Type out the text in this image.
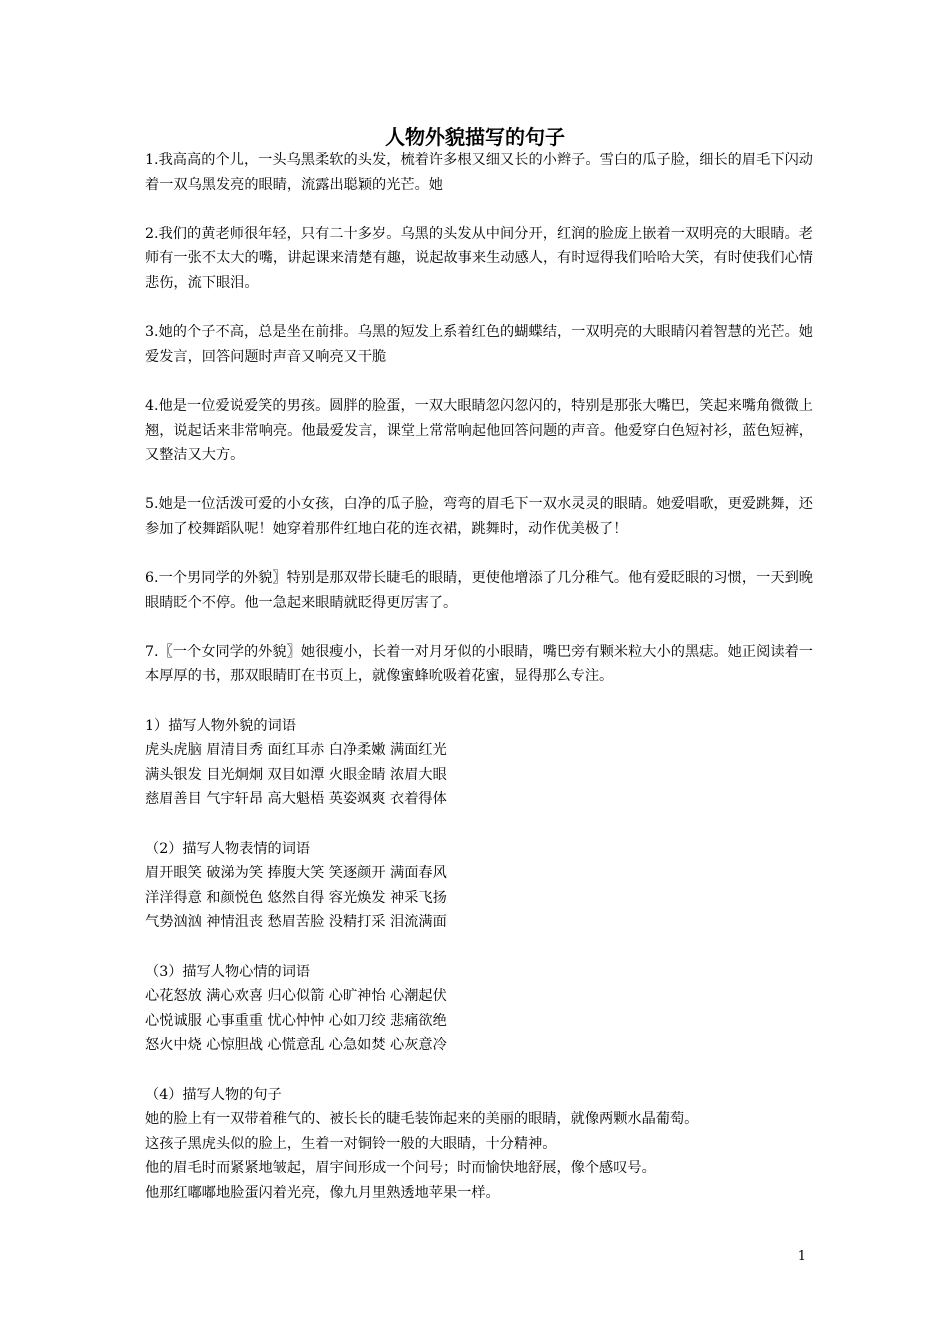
人物外貌描写的句子

1.我高高的个儿，一头乌黑柔软的头发，梳着许多根又细又长的小辫子。雪白的瓜子脸，细长的眉毛下闪动着一双乌黑发亮的眼睛，流露出聪颖的光芒。她

2.我们的黄老师很年轻，只有二十多岁。乌黑的头发从中间分开，红润的脸庞上嵌着一双明亮的大眼睛。老师有一张不太大的嘴，讲起课来清楚有趣，说起故事来生动感人，有时逗得我们哈哈大笑，有时使我们心情悲伤，流下眼泪。

3.她的个子不高，总是坐在前排。乌黑的短发上系着红色的蝴蝶结，一双明亮的大眼睛闪着智慧的光芒。她爱发言，回答问题时声音又响亮又干脆

4.他是一位爱说爱笑的男孩。圆胖的脸蛋，一双大眼睛忽闪忽闪的，特别是那张大嘴巴，笑起来嘴角微微上翘，说起话来非常响亮。他最爱发言，课堂上常常响起他回答问题的声音。他爱穿白色短衬衫，蓝色短裤，又整洁又大方。

5.她是一位活泼可爱的小女孩，白净的瓜子脸，弯弯的眉毛下一双水灵灵的眼睛。她爱唱歌，更爱跳舞，还参加了校舞蹈队呢！她穿着那件红地白花的连衣裙，跳舞时，动作优美极了！

6.一个男同学的外貌〗特别是那双带长睫毛的眼睛，更使他增添了几分稚气。他有爱眨眼的习惯，一天到晚眼睛眨个不停。他一急起来眼睛就眨得更厉害了。

7.〖一个女同学的外貌〗她很瘦小，长着一对月牙似的小眼睛，嘴巴旁有颗米粒大小的黑痣。她正阅读着一本厚厚的书，那双眼睛盯在书页上，就像蜜蜂吮吸着花蜜，显得那么专注。

1）描写人物外貌的词语
虎头虎脑 眉清目秀 面红耳赤 白净柔嫩 满面红光
满头银发 目光炯炯 双目如潭 火眼金睛 浓眉大眼
慈眉善目 气宇轩昂 高大魁梧 英姿飒爽 衣着得体
（2）描写人物表情的词语
眉开眼笑 破涕为笑 捧腹大笑 笑逐颜开 满面春风
洋洋得意 和颜悦色 悠然自得 容光焕发 神采飞扬
气势汹汹 神情沮丧 愁眉苦脸 没精打采 泪流满面
（3）描写人物心情的词语
心花怒放 满心欢喜 归心似箭 心旷神怡 心潮起伏
心悦诚服 心事重重 忧心忡忡 心如刀绞 悲痛欲绝
怒火中烧 心惊胆战 心慌意乱 心急如焚 心灰意冷
（4）描写人物的句子
她的脸上有一双带着稚气的、被长长的睫毛装饰起来的美丽的眼睛，就像两颗水晶葡萄。
这孩子黑虎头似的脸上，生着一对铜铃一般的大眼睛，十分精神。
他的眉毛时而紧紧地皱起，眉宇间形成一个问号；时而愉快地舒展，像个感叹号。
他那红嘟嘟地脸蛋闪着光亮，像九月里熟透地苹果一样。
1
